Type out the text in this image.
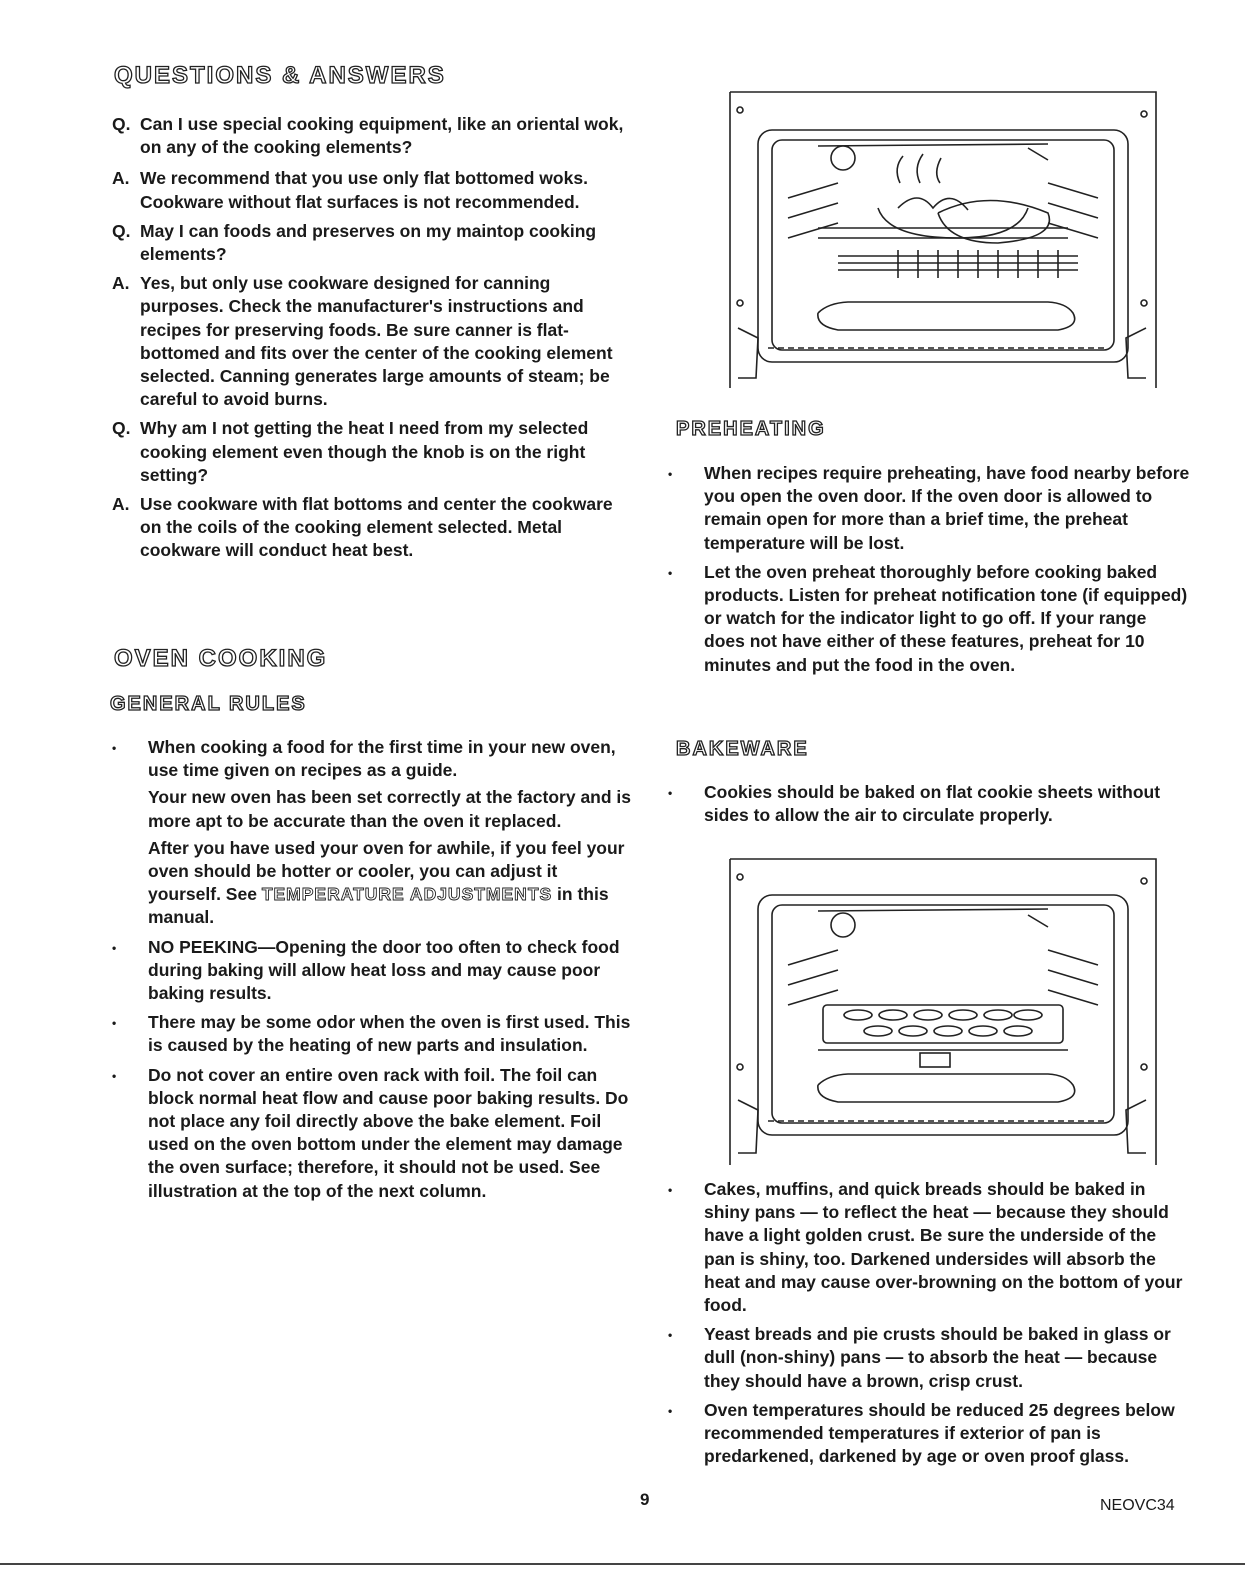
QUESTIONS & ANSWERS
Q. Can I use special cooking equipment, like an oriental wok, on any of the cooking elements?
A. We recommend that you use only flat bottomed woks. Cookware without flat surfaces is not recommended.
Q. May I can foods and preserves on my maintop cooking elements?
A. Yes, but only use cookware designed for canning purposes. Check the manufacturer's instructions and recipes for preserving foods. Be sure canner is flat-bottomed and fits over the center of the cooking element selected. Canning generates large amounts of steam; be careful to avoid burns.
Q. Why am I not getting the heat I need from my selected cooking element even though the knob is on the right setting?
A. Use cookware with flat bottoms and center the cookware on the coils of the cooking element selected. Metal cookware will conduct heat best.
OVEN COOKING
GENERAL RULES
•	When cooking a food for the first time in your new oven, use time given on recipes as a guide.

Your new oven has been set correctly at the factory and is more apt to be accurate than the oven it replaced.

After you have used your oven for awhile, if you feel your oven should be hotter or cooler, you can adjust it yourself. See TEMPERATURE ADJUSTMENTS in this manual.

•	NO PEEKING—Opening the door too often to check food during baking will allow heat loss and may cause poor baking results.

•	There may be some odor when the oven is first used. This is caused by the heating of new parts and insulation.

•	Do not cover an entire oven rack with foil. The foil can block normal heat flow and cause poor baking results. Do not place any foil directly above the bake element. Foil used on the oven bottom under the element may damage the oven surface; therefore, it should not be used. See illustration at the top of the next column.

PREHEATING
•	When recipes require preheating, have food nearby before you open the oven door. If the oven door is allowed to remain open for more than a brief time, the preheat temperature will be lost.

•	Let the oven preheat thoroughly before cooking baked products. Listen for preheat notification tone (if equipped) or watch for the indicator light to go off. If your range does not have either of these features, preheat for 10 minutes and put the food in the oven.

BAKEWARE
•	Cookies should be baked on flat cookie sheets without sides to allow the air to circulate properly.

•	Cakes, muffins, and quick breads should be baked in shiny pans — to reflect the heat — because they should have a light golden crust. Be sure the underside of the pan is shiny, too. Darkened undersides will absorb the heat and may cause over-browning on the bottom of your food.

•	Yeast breads and pie crusts should be baked in glass or dull (non-shiny) pans — to absorb the heat — because they should have a brown, crisp crust.

•	Oven temperatures should be reduced 25 degrees below recommended temperatures if exterior of pan is predarkened, darkened by age or oven proof glass.

9	NEOVC34
